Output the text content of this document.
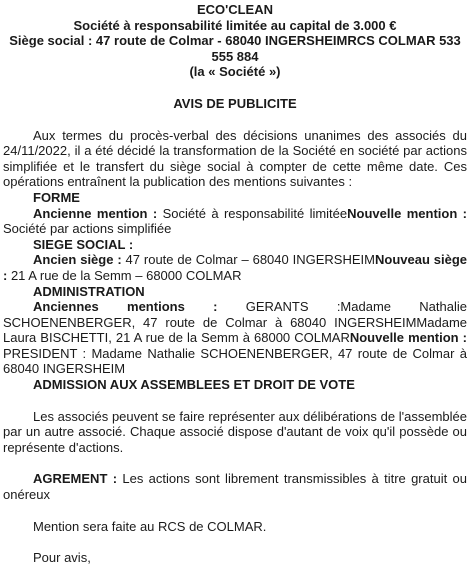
ECO'CLEAN

Société à responsabilité limitée au capital de 3.000 €

Siège social : 47 route de Colmar - 68040 INGERSHEIMRCS COLMAR 533

555 884

(la « Société »)

AVIS DE PUBLICITE

Aux termes du procès-verbal des décisions unanimes des associés du 24/11/2022, il a été décidé la transformation de la Société en société par actions simplifiée et le transfert du siège social à compter de cette même date. Ces opérations entraînent la publication des mentions suivantes :

FORME

Ancienne mention : Société à responsabilité limitéeNouvelle mention : Société par actions simplifiée

SIEGE SOCIAL :

Ancien siège : 47 route de Colmar – 68040 INGERSHEIMNouveau siège : 21 A rue de la Semm – 68000 COLMAR

ADMINISTRATION

Anciennes mentions : GERANTS :Madame Nathalie SCHOENENBERGER, 47 route de Colmar à 68040 INGERSHEIMMadame Laura BISCHETTI, 21 A rue de la Semm à 68000 COLMARNouvelle mention : PRESIDENT : Madame Nathalie SCHOENENBERGER, 47 route de Colmar à 68040 INGERSHEIM

ADMISSION AUX ASSEMBLEES ET DROIT DE VOTE

Les associés peuvent se faire représenter aux délibérations de l'assemblée par un autre associé. Chaque associé dispose d'autant de voix qu'il possède ou représente d'actions.

AGREMENT : Les actions sont librement transmissibles à titre gratuit ou onéreux

Mention sera faite au RCS de COLMAR.

Pour avis,
